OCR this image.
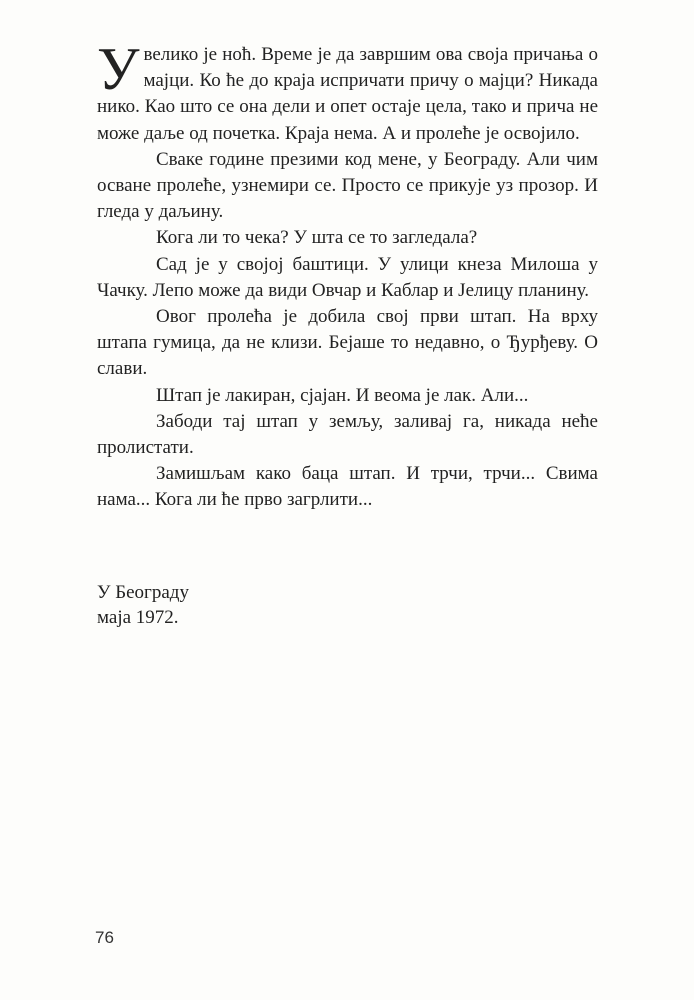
Увелико је ноћ. Време је да завршим ова своја причања о мајци. Ко ће до краја испричати причу о мајци? Никада нико. Као што се она дели и опет остаје цела, тако и прича не може даље од почетка. Краја нема. А и пролеће је освојило.

Сваке године презими код мене, у Београду. Али чим осване пролеће, узнемири се. Просто се прикује уз прозор. И гледа у даљину.

Кога ли то чека? У шта се то загледала?

Сад је у својој баштици. У улици кнеза Милоша у Чачку. Лепо може да види Овчар и Каблар и Јелицу планину.

Овог пролећа је добила свој први штап. На врху штапа гумица, да не клизи. Бејаше то недавно, о Ђурђеву. О слави.

Штап је лакиран, сјајан. И веома је лак. Али...

Забоди тај штап у земљу, заливај га, никада неће пролистати.

Замишљам како баца штап. И трчи, трчи... Свима нама... Кога ли ће прво загрлити...

У Београду
маја 1972.
76
